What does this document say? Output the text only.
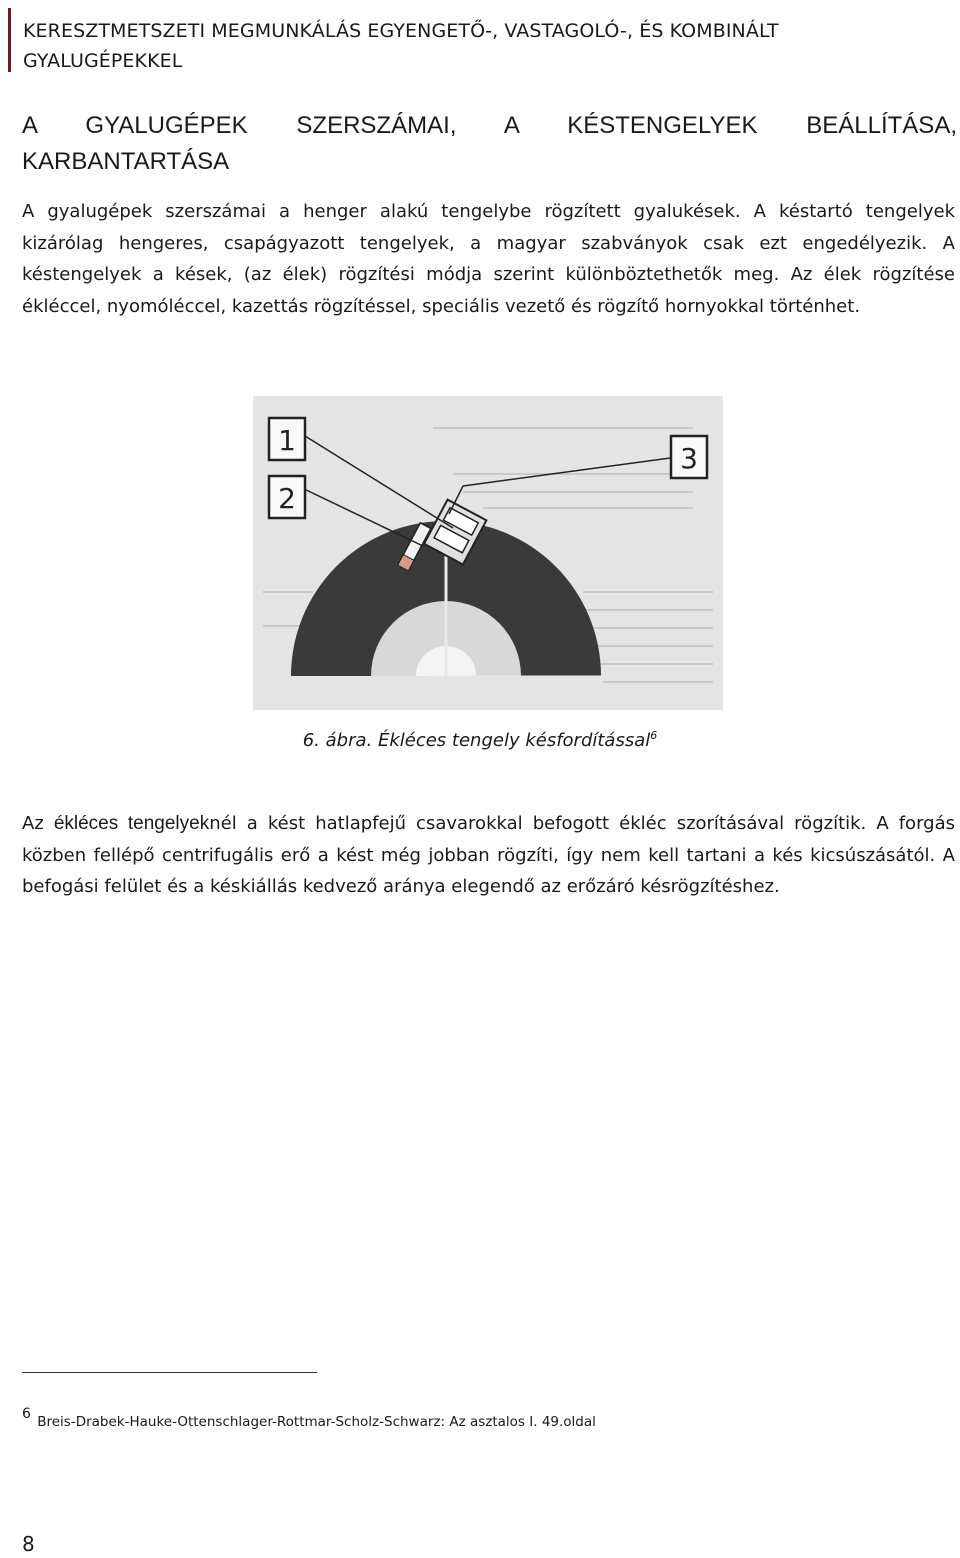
KERESZTMETSZETI MEGMUNKÁLÁS EGYENGETŐ-, VASTAGOLÓ-, ÉS KOMBINÁLT GYALUGÉPEKKEL
A GYALUGÉPEK SZERSZÁMAI, A KÉSTENGELYEK BEÁLLÍTÁSA, KARBANTARTÁSA
A gyalugépek szerszámai a henger alakú tengelybe rögzített gyalukések. A késtartó tengelyek kizárólag hengeres, csapágyazott tengelyek, a magyar szabványok csak ezt engedélyezik. A késtengelyek a kések, (az élek) rögzítési módja szerint különböztethetők meg. Az élek rögzítése ékléccel, nyomóléccel, kazettás rögzítéssel, speciális vezető és rögzítő hornyokkal történhet.
1
2
3
6. ábra. Ékléces tengely késfordítással$^6$
Az ékléces tengelyeknél a kést hatlapfejű csavarokkal befogott ékléc szorításával rögzítik. A forgás közben fellépő centrifugális erő a kést még jobban rögzíti, így nem kell tartani a kés kicsúszásától. A befogási felület és a késkiállás kedvező aránya elegendő az erőzáró késrögzítéshez.
6 Breis-Drabek-Hauke-Ottenschlager-Rottmar-Scholz-Schwarz: Az asztalos I. 49.oldal
8
